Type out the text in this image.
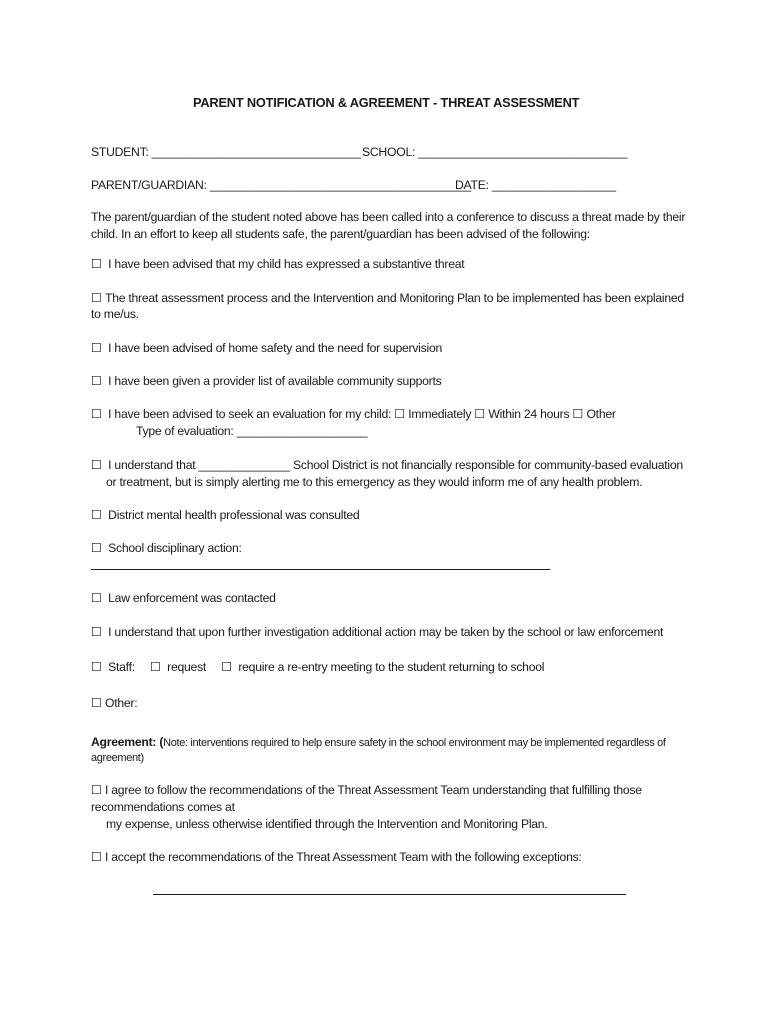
PARENT NOTIFICATION & AGREEMENT - THREAT ASSESSMENT
STUDENT: ________________________________ SCHOOL: ________________________________
PARENT/GUARDIAN: ________________________________________
DATE: ___________________
The parent/guardian of the student noted above has been called into a conference to discuss a threat made by their
child. In an effort to keep all students safe, the parent/guardian has been advised of the following:
☐ I have been advised that my child has expressed a substantive threat
☐ The threat assessment process and the Intervention and Monitoring Plan to be implemented has been explained
to me/us.
☐ I have been advised of home safety and the need for supervision
☐ I have been given a provider list of available community supports
☐ I have been advised to seek an evaluation for my child: ☐ Immediately ☐ Within 24 hours ☐ Other
Type of evaluation: ____________________
☐ I understand that ______________ School District is not financially responsible for community-based evaluation
or treatment, but is simply alerting me to this emergency as they would inform me of any health problem.
☐ District mental health professional was consulted
☐ School disciplinary action:
☐ Law enforcement was contacted
☐ I understand that upon further investigation additional action may be taken by the school or law enforcement
☐ Staff: ☐ request ☐ require a re-entry meeting to the student returning to school
☐ Other:
Agreement: (Note: interventions required to help ensure safety in the school environment may be implemented regardless of
agreement)
☐ I agree to follow the recommendations of the Threat Assessment Team understanding that fulfilling those
recommendations comes at
my expense, unless otherwise identified through the Intervention and Monitoring Plan.
☐ I accept the recommendations of the Threat Assessment Team with the following exceptions:
